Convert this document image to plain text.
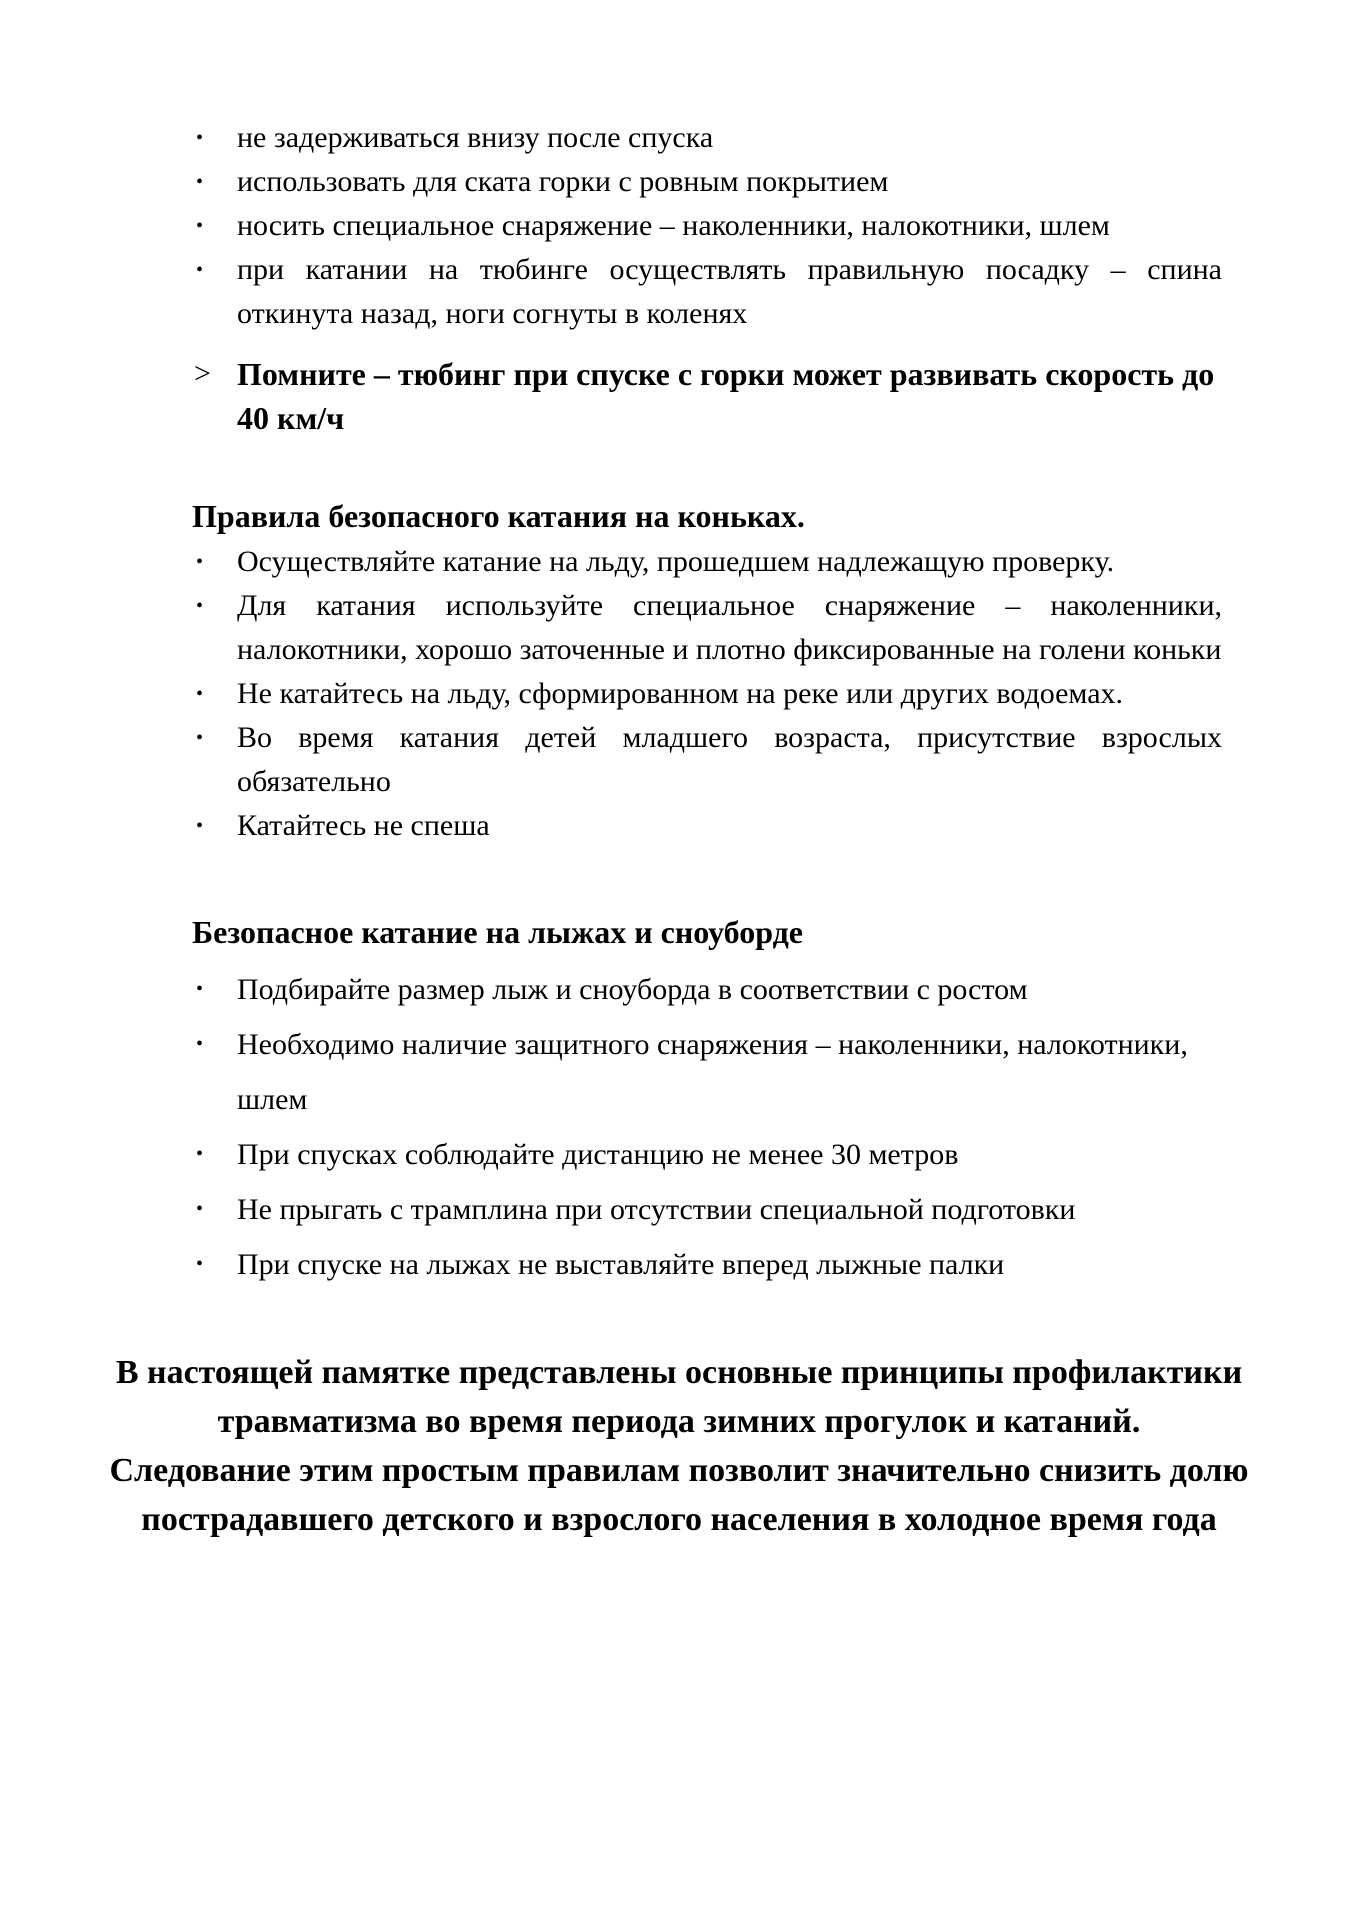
• не задерживаться внизу после спуска
• использовать для ската горки с ровным покрытием
• носить специальное снаряжение – наколенники, налокотники, шлем
• при катании на тюбинге осуществлять правильную посадку – спина откинута назад, ноги согнуты в коленях
> Помните – тюбинг при спуске с горки может развивать скорость до 40 км/ч
Правила безопасного катания на коньках.
• Осуществляйте катание на льду, прошедшем надлежащую проверку.
• Для катания используйте специальное снаряжение – наколенники, налокотники, хорошо заточенные и плотно фиксированные на голени коньки
• Не катайтесь на льду, сформированном на реке или других водоемах.
• Во время катания детей младшего возраста, присутствие взрослых обязательно
• Катайтесь не спеша
Безопасное катание на лыжах и сноуборде
• Подбирайте размер лыж и сноуборда в соответствии с ростом
• Необходимо наличие защитного снаряжения – наколенники, налокотники, шлем
• При спусках соблюдайте дистанцию не менее 30 метров
• Не прыгать с трамплина при отсутствии специальной подготовки
• При спуске на лыжах не выставляйте вперед лыжные палки
В настоящей памятке представлены основные принципы профилактики
травматизма во время периода зимних прогулок и катаний.
Следование этим простым правилам позволит значительно снизить долю
пострадавшего детского и взрослого населения в холодное время года
